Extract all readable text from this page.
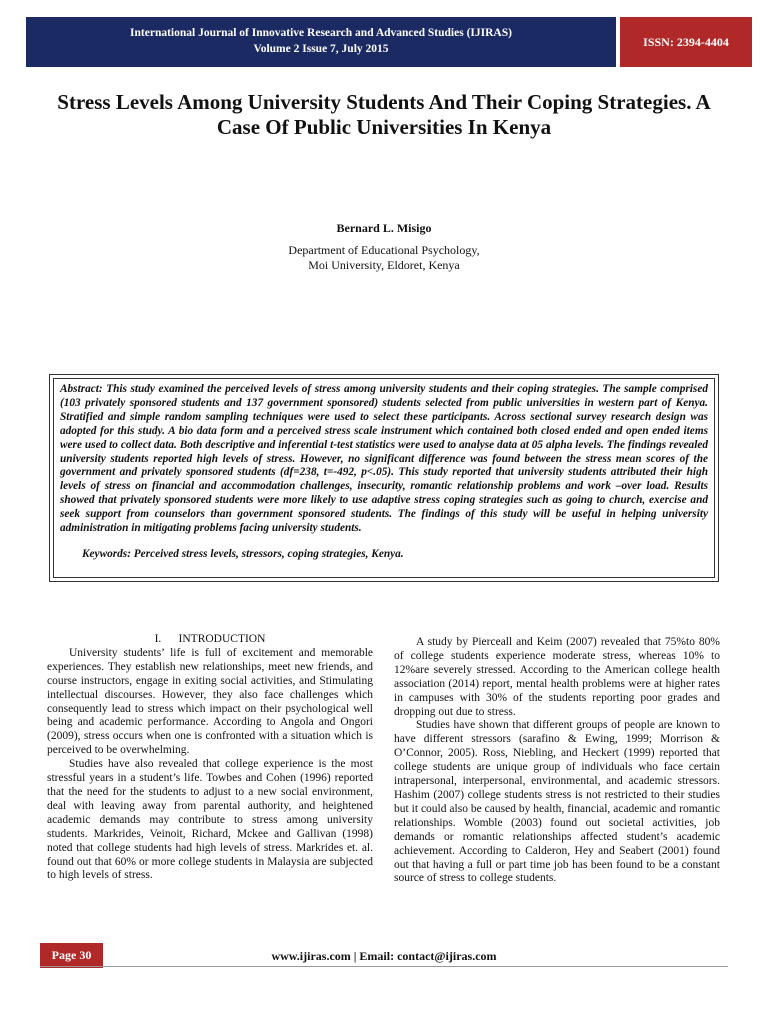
International Journal of Innovative Research and Advanced Studies (IJIRAS)
Volume 2 Issue 7, July 2015
ISSN: 2394-4404
Stress Levels Among University Students And Their Coping Strategies. A Case Of Public Universities In Kenya
Bernard L. Misigo
Department of Educational Psychology,
Moi University, Eldoret, Kenya

Abstract: This study examined the perceived levels of stress among university students and their coping strategies. The sample comprised (103 privately sponsored students and 137 government sponsored) students selected from public universities in western part of Kenya. Stratified and simple random sampling techniques were used to select these participants. Across sectional survey research design was adopted for this study. A bio data form and a perceived stress scale instrument which contained both closed ended and open ended items were used to collect data. Both descriptive and inferential t-test statistics were used to analyse data at 05 alpha levels. The findings revealed university students reported high levels of stress. However, no significant difference was found between the stress mean scores of the government and privately sponsored students (df=238, t=-492, p<.05). This study reported that university students attributed their high levels of stress on financial and accommodation challenges, insecurity, romantic relationship problems and work –over load. Results showed that privately sponsored students were more likely to use adaptive stress coping strategies such as going to church, exercise and seek support from counselors than government sponsored students. The findings of this study will be useful in helping university administration in mitigating problems facing university students.

Keywords: Perceived stress levels, stressors, coping strategies, Kenya.

I.      INTRODUCTION

University students’ life is full of excitement and memorable experiences. They establish new relationships, meet new friends, and course instructors, engage in exiting social activities, and Stimulating intellectual discourses. However, they also face challenges which consequently lead to stress which impact on their psychological well being and academic performance. According to Angola and Ongori (2009), stress occurs when one is confronted with a situation which is perceived to be overwhelming.

Studies have also revealed that college experience is the most stressful years in a student’s life. Towbes and Cohen (1996) reported that the need for the students to adjust to a new social environment, deal with leaving away from parental authority, and heightened academic demands may contribute to stress among university students. Markrides, Veinoit, Richard, Mckee and Gallivan (1998) noted that college students had high levels of stress. Markrides et. al. found out that 60% or more college students in Malaysia are subjected to high levels of stress.

A study by Pierceall and Keim (2007) revealed that 75%to 80% of college students experience moderate stress, whereas 10% to 12%are severely stressed. According to the American college health association (2014) report, mental health problems were at higher rates in campuses with 30% of the students reporting poor grades and dropping out due to stress.

Studies have shown that different groups of people are known to have different stressors (sarafino & Ewing, 1999; Morrison & O’Connor, 2005). Ross, Niebling, and Heckert (1999) reported that college students are unique group of individuals who face certain intrapersonal, interpersonal, environmental, and academic stressors. Hashim (2007) college students stress is not restricted to their studies but it could also be caused by health, financial, academic and romantic relationships. Womble (2003) found out societal activities, job demands or romantic relationships affected student’s academic achievement. According to Calderon, Hey and Seabert (2001) found out that having a full or part time job has been found to be a constant source of stress to college students.

Page 30	www.ijiras.com | Email: contact@ijiras.com
